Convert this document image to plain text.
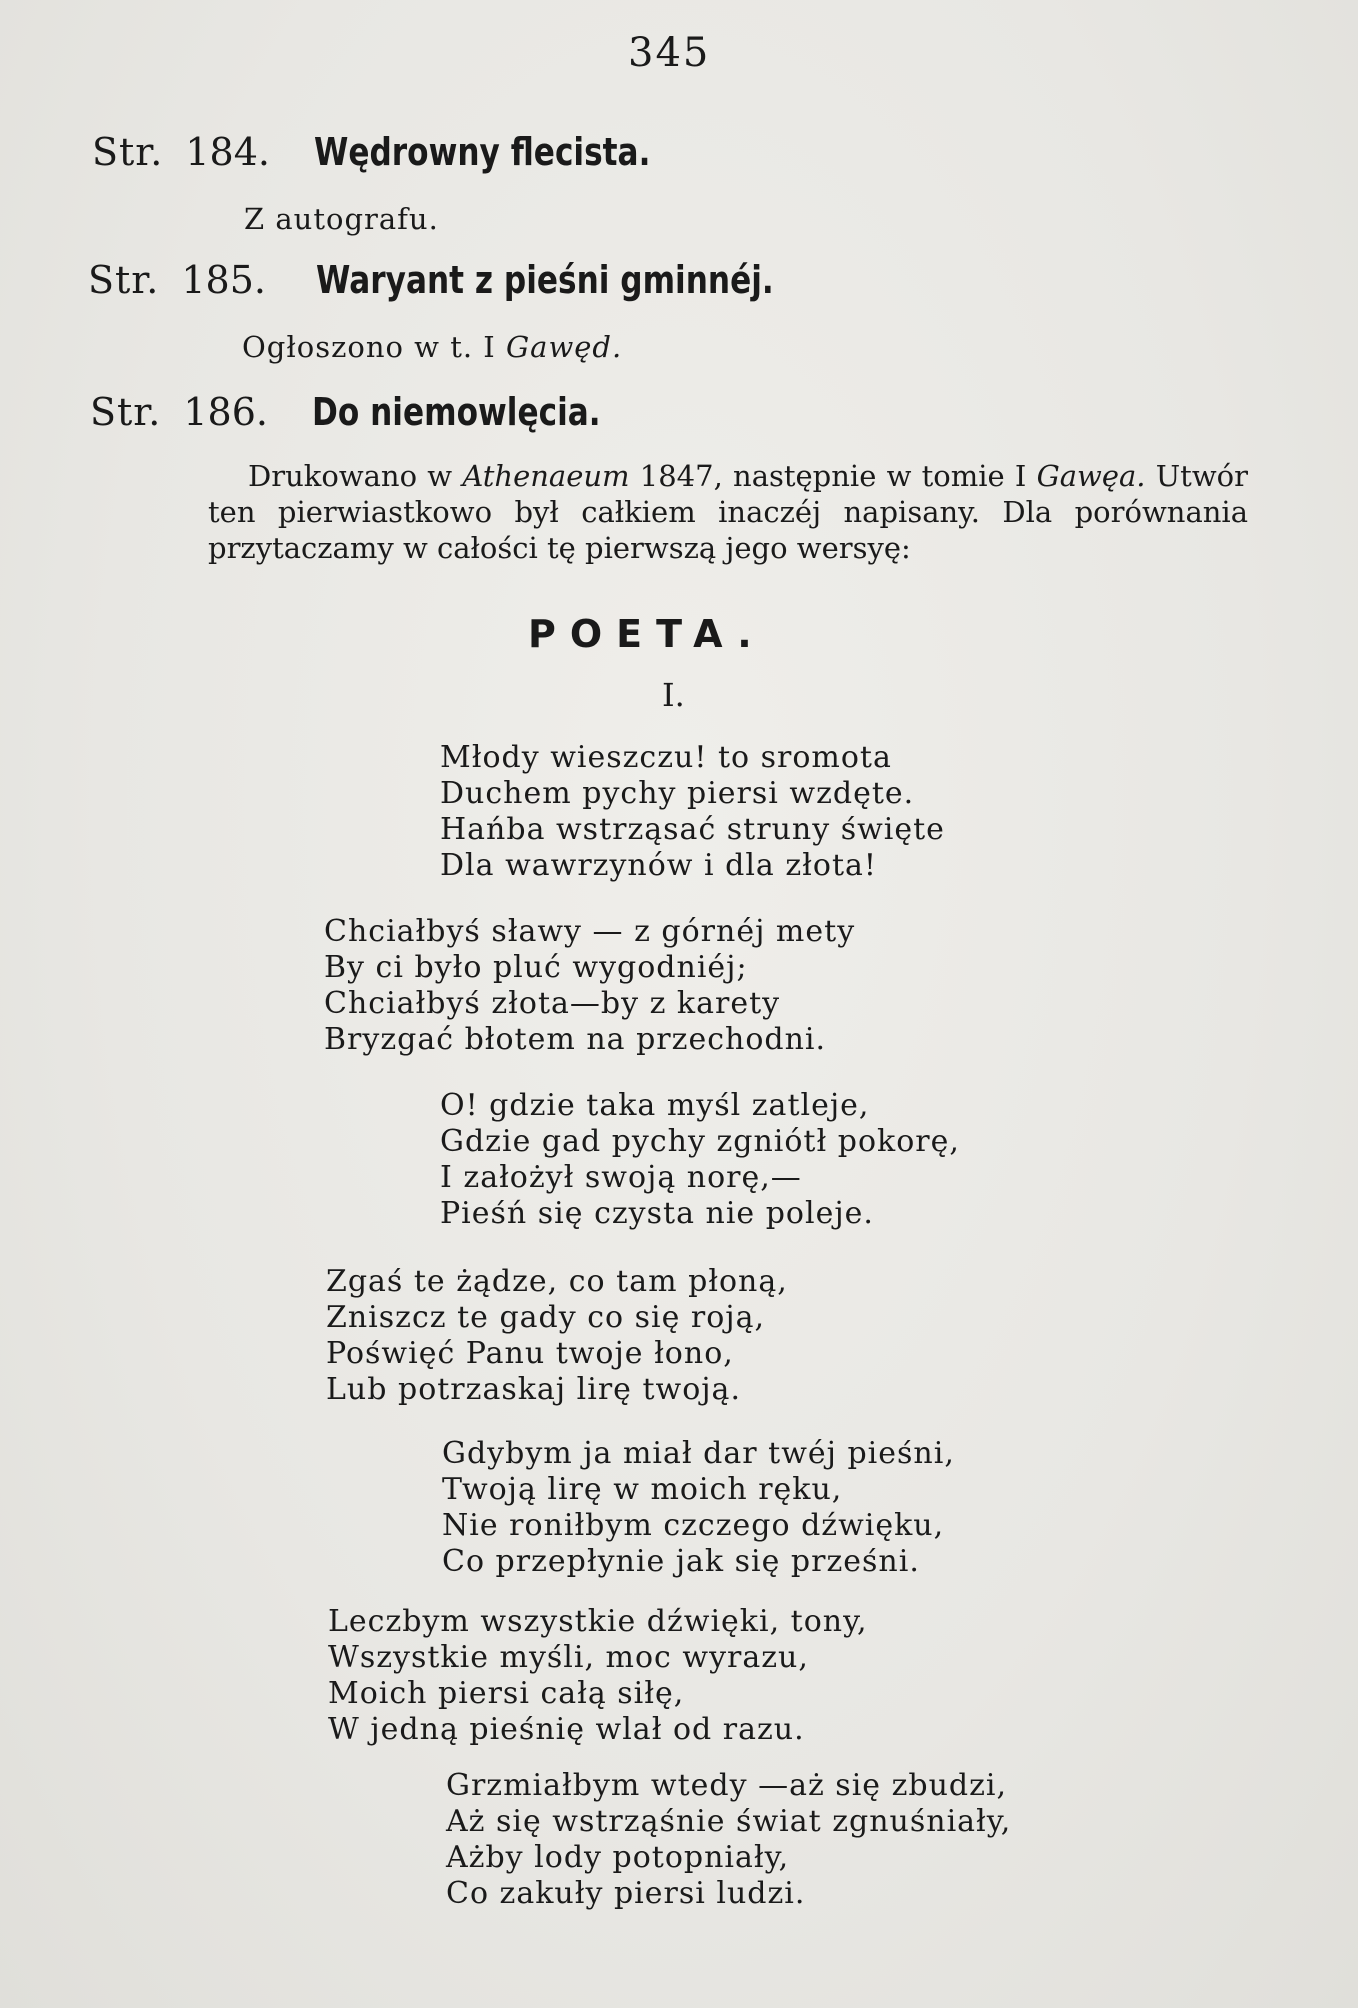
345
Str. 184. Wędrowny flecista.
Z autografu.
Str. 185. Waryant z pieśni gminnéj.
Ogłoszono w t. I Gawęd.
Str. 186. Do niemowlęcia.

Drukowano w Athenaeum 1847, następnie w tomie I Gawęa. Utwór ten pierwiastkowo był całkiem inaczéj napisany. Dla porównania przytaczamy w całości tę pierwszą jego wersyę:

POETA.
I.
Młody wieszczu! to sromota
Duchem pychy piersi wzdęte.
Hańba wstrząsać struny święte
Dla wawrzynów i dla złota!
Chciałbyś sławy — z górnéj mety
By ci było pluć wygodniéj;
Chciałbyś złota—by z karety
Bryzgać błotem na przechodni.
O! gdzie taka myśl zatleje,
Gdzie gad pychy zgniótł pokorę,
I założył swoją norę,—
Pieśń się czysta nie poleje.
Zgaś te żądze, co tam płoną,
Zniszcz te gady co się roją,
Poświęć Panu twoje łono,
Lub potrzaskaj lirę twoją.
Gdybym ja miał dar twéj pieśni,
Twoją lirę w moich ręku,
Nie roniłbym czczego dźwięku,
Co przepłynie jak się prześni.
Leczbym wszystkie dźwięki, tony,
Wszystkie myśli, moc wyrazu,
Moich piersi całą siłę,
W jedną pieśnię wlał od razu.
Grzmiałbym wtedy —aż się zbudzi,
Aż się wstrząśnie świat zgnuśniały,
Ażby lody potopniały,
Co zakuły piersi ludzi.
